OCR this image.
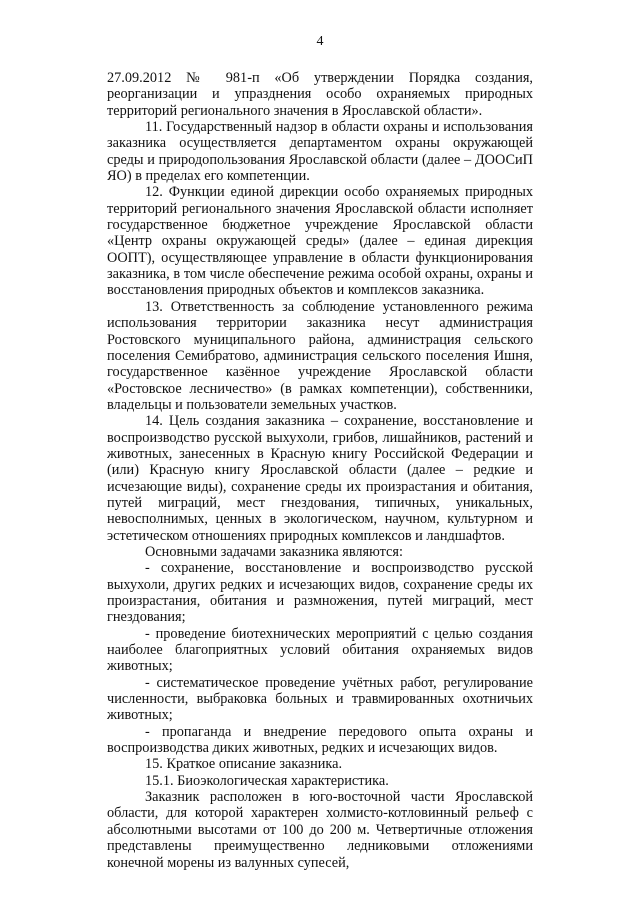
4

27.09.2012 № 981-п «Об утверждении Порядка создания, реорганизации и упразднения особо охраняемых природных территорий регионального значения в Ярославской области».

11. Государственный надзор в области охраны и использования заказника осуществляется департаментом охраны окружающей среды и природопользования Ярославской области (далее – ДООСиП ЯО) в пределах его компетенции.

12. Функции единой дирекции особо охраняемых природных территорий регионального значения Ярославской области исполняет государственное бюджетное учреждение Ярославской области «Центр охраны окружающей среды» (далее – единая дирекция ООПТ), осуществляющее управление в области функционирования заказника, в том числе обеспечение режима особой охраны, охраны и восстановления природных объектов и комплексов заказника.

13. Ответственность за соблюдение установленного режима использования территории заказника несут администрация Ростовского муниципального района, администрация сельского поселения Семибратово, администрация сельского поселения Ишня, государственное казённое учреждение Ярославской области «Ростовское лесничество» (в рамках компетенции), собственники, владельцы и пользователи земельных участков.

14. Цель создания заказника – сохранение, восстановление и воспроизводство русской выхухоли, грибов, лишайников, растений и животных, занесенных в Красную книгу Российской Федерации и (или) Красную книгу Ярославской области (далее – редкие и исчезающие виды), сохранение среды их произрастания и обитания, путей миграций, мест гнездования, типичных, уникальных, невосполнимых, ценных в экологическом, научном, культурном и эстетическом отношениях природных комплексов и ландшафтов.

Основными задачами заказника являются:

- сохранение, восстановление и воспроизводство русской выхухоли, других редких и исчезающих видов, сохранение среды их произрастания, обитания и размножения, путей миграций, мест гнездования;

- проведение биотехнических мероприятий с целью создания наиболее благоприятных условий обитания охраняемых видов животных;

- систематическое проведение учётных работ, регулирование численности, выбраковка больных и травмированных охотничьих животных;

- пропаганда и внедрение передового опыта охраны и воспроизводства диких животных, редких и исчезающих видов.

15. Краткое описание заказника.

15.1. Биоэкологическая характеристика.

Заказник расположен в юго-восточной части Ярославской области, для которой характерен холмисто-котловинный рельеф с абсолютными высотами от 100 до 200 м. Четвертичные отложения представлены преимущественно ледниковыми отложениями конечной морены из валунных супесей,
